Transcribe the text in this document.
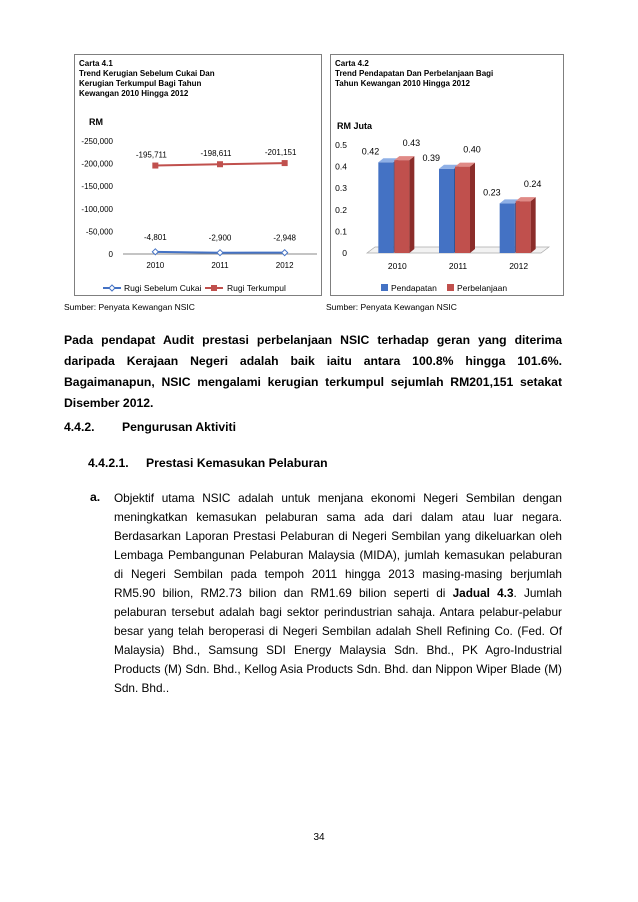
Carta 4.1
Trend Kerugian Sebelum Cukai Dan
Kerugian Terkumpul Bagi Tahun
Kewangan 2010 Hingga 2012
RM
-250,000
-200,000
-150,000
-100,000
-50,000
0
2010	2011	2012
-4,801	-2,900	-2,948
-195,711	-198,611	-201,151
Rugi Sebelum Cukai	Rugi Terkumpul
Sumber: Penyata Kewangan NSIC
Carta 4.2
Trend Pendapatan Dan Perbelanjaan Bagi
Tahun Kewangan 2010 Hingga 2012
RM Juta
0.5
0.4
0.3
0.2
0.1
0
2010
0.42
0.43
2011
0.39
0.40
2012
0.23
0.24
Pendapatan Perbelanjaan
Sumber: Penyata Kewangan NSIC
Pada pendapat Audit prestasi perbelanjaan NSIC terhadap geran yang diterima
daripada Kerajaan Negeri adalah baik iaitu antara 100.8% hingga 101.6%.
Bagaimanapun, NSIC mengalami kerugian terkumpul sejumlah RM201,151 setakat
Disember 2012.
4.4.2. Pengurusan Aktiviti
4.4.2.1. Prestasi Kemasukan Pelaburan
a. Objektif utama NSIC adalah untuk menjana ekonomi Negeri Sembilan dengan
meningkatkan kemasukan pelaburan sama ada dari dalam atau luar negara.
Berdasarkan Laporan Prestasi Pelaburan di Negeri Sembilan yang dikeluarkan oleh
Lembaga Pembangunan Pelaburan Malaysia (MIDA), jumlah kemasukan pelaburan
di Negeri Sembilan pada tempoh 2011 hingga 2013 masing-masing berjumlah
RM5.90 bilion, RM2.73 bilion dan RM1.69 bilion seperti di Jadual 4.3. Jumlah
pelaburan tersebut adalah bagi sektor perindustrian sahaja. Antara pelabur-pelabur
besar yang telah beroperasi di Negeri Sembilan adalah Shell Refining Co. (Fed. Of
Malaysia) Bhd., Samsung SDI Energy Malaysia Sdn. Bhd., PK Agro-Industrial
Products (M) Sdn. Bhd., Kellog Asia Products Sdn. Bhd. dan Nippon Wiper Blade (M)
Sdn. Bhd..
34
